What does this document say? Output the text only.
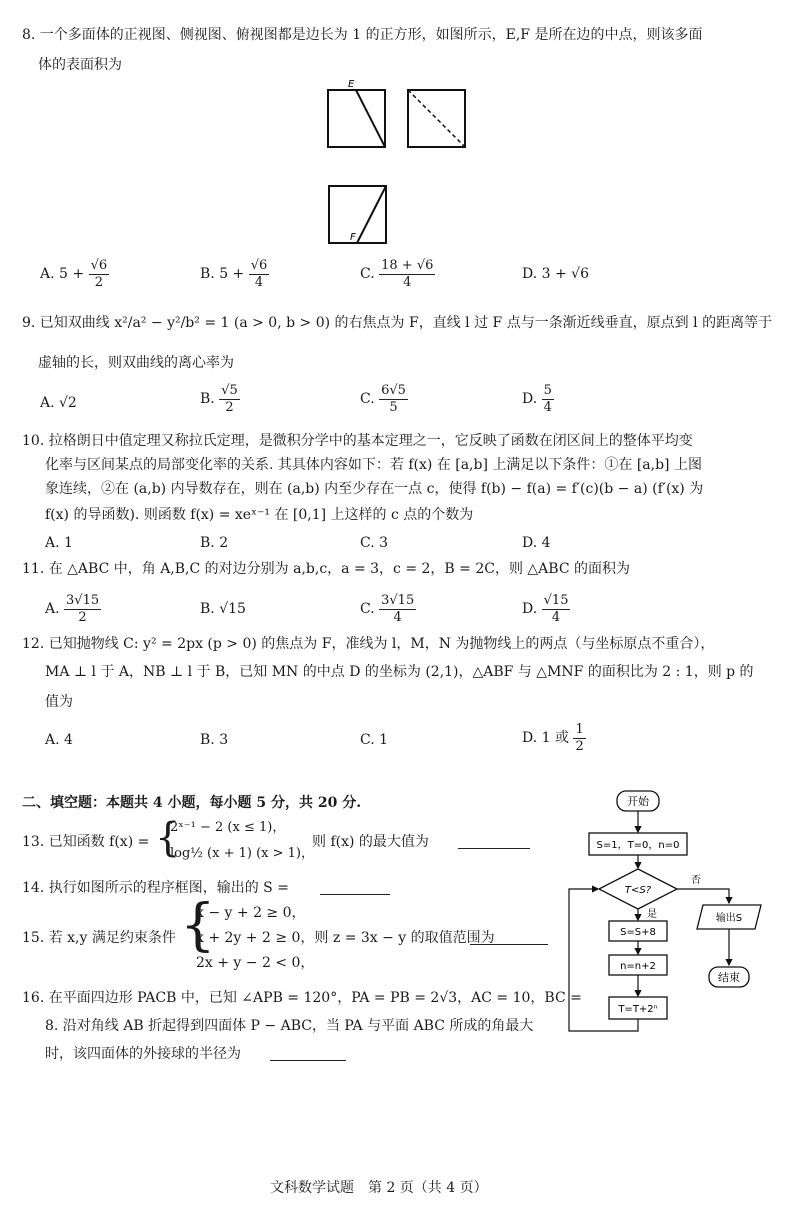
8. 一个多面体的正视图、侧视图、俯视图都是边长为 1 的正方形，如图所示，E,F 是所在边的中点，则该多面
体的表面积为
E
F
A. $5 + \frac{√6}{2}$	B. $5 + \frac{√6}{4}$	C. $\frac{18 + √6}{4}$	D. 3 + √6
9. 已知双曲线 x²/a² − y²/b² = 1 (a > 0, b > 0) 的右焦点为 F，直线 l 过 F 点与一条渐近线垂直，原点到 l 的距离等于
虚轴的长，则双曲线的离心率为
A. √2	B. $\frac{√5}{2}$	C. $\frac{6√5}{5}$	D. $\frac{5}{4}$
10. 拉格朗日中值定理又称拉氏定理，是微积分学中的基本定理之一，它反映了函数在闭区间上的整体平均变
化率与区间某点的局部变化率的关系. 其具体内容如下：若 f(x) 在 [a,b] 上满足以下条件：①在 [a,b] 上图
象连续，②在 (a,b) 内导数存在，则在 (a,b) 内至少存在一点 c，使得 f(b) − f(a) = f′(c)(b − a) (f′(x) 为
f(x) 的导函数). 则函数 f(x) = xeˣ⁻¹ 在 [0,1] 上这样的 c 点的个数为
A. 1	B. 2	C. 3	D. 4
11. 在 △ABC 中，角 A,B,C 的对边分别为 a,b,c，a = 3，c = 2，B = 2C，则 △ABC 的面积为
A. $\frac{3√15}{2}$	B. √15	C. $\frac{3√15}{4}$	D. $\frac{√15}{4}$
12. 已知抛物线 C: y² = 2px (p > 0) 的焦点为 F，准线为 l，M，N 为抛物线上的两点（与坐标原点不重合），
MA ⊥ l 于 A，NB ⊥ l 于 B，已知 MN 的中点 D 的坐标为 (2,1)，△ABF 与 △MNF 的面积比为 2 : 1，则 p 的
值为
A. 4	B. 3	C. 1	D. 1 或 $\frac{1}{2}$
二、填空题：本题共 4 小题，每小题 5 分，共 20 分.
13. 已知函数 f(x) = {
2ˣ⁻¹ − 2 (x ≤ 1)，
log½ (x + 1) (x > 1)，
则 f(x) 的最大值为
14. 执行如图所示的程序框图，输出的 S =
15. 若 x,y 满足约束条件 {
x − y + 2 ≥ 0，
x + 2y + 2 ≥ 0，则 z = 3x − y 的取值范围为
2x + y − 2 < 0，
16. 在平面四边形 PACB 中，已知 ∠APB = 120°，PA = PB = 2√3，AC = 10，BC =
8. 沿对角线 AB 折起得到四面体 P − ABC，当 PA 与平面 ABC 所成的角最大
时，该四面体的外接球的半径为
开始
S=1，T=0，n=0
T<S?
否
输出S
结束
是
S=S+8
n=n+2
T=T+2ⁿ
文科数学试题　第 2 页（共 4 页）
